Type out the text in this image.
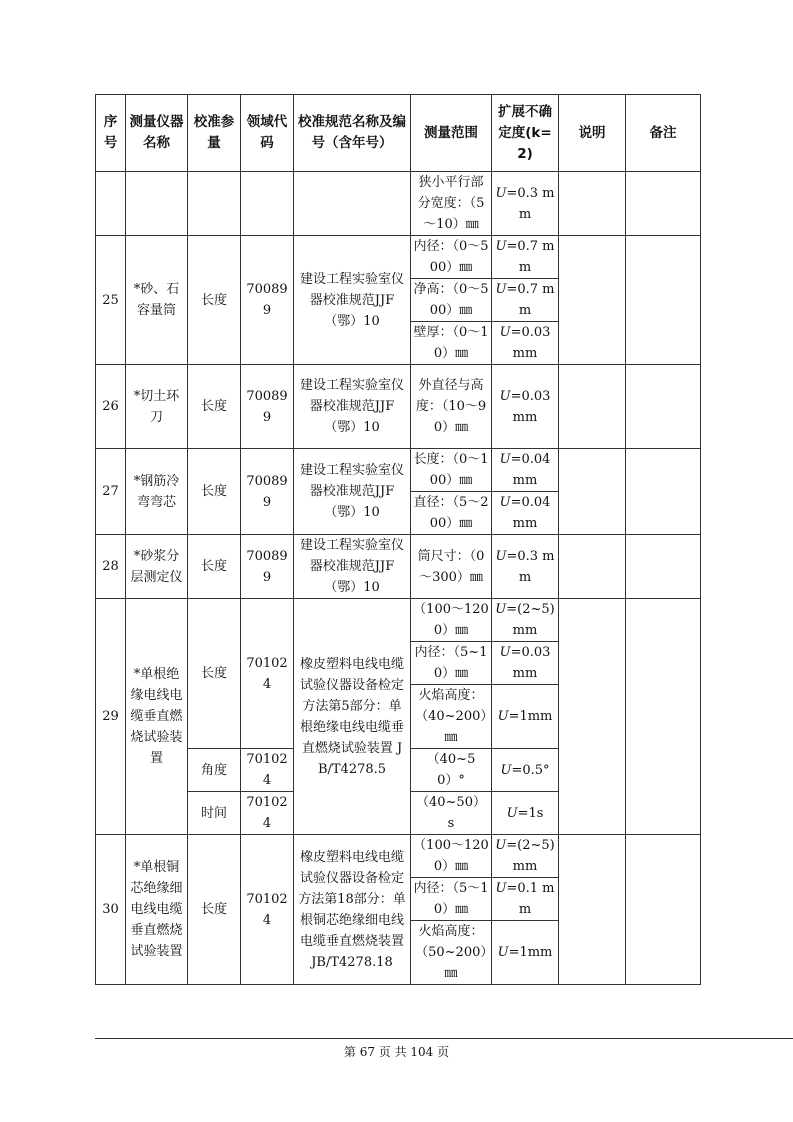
序号	测量仪器名称	校准参量	领域代码	校准规范名称及编号（含年号）	测量范围	扩展不确定度(k=2)	说明	备注
					狭小平行部分宽度：（5～10）㎜	U=0.3 mm		
25	*砂、石容量筒	长度	700899	建设工程实验室仪器校准规范JJF（鄂）10	内径：（0～500）㎜	U=0.7 mm		
					净高：（0～500）㎜	U=0.7 mm		
					壁厚：（0～10）㎜	U=0.03 mm		
26	*切土环刀	长度	700899	建设工程实验室仪器校准规范JJF（鄂）10	外直径与高度：（10～90）㎜	U=0.03 mm		
27	*钢筋冷弯弯芯	长度	700899	建设工程实验室仪器校准规范JJF（鄂）10	长度：（0～100）㎜	U=0.04 mm		
					直径：（5～200）㎜	U=0.04 mm		
28	*砂浆分层测定仪	长度	700899	建设工程实验室仪器校准规范JJF（鄂）10	筒尺寸：（0～300）㎜	U=0.3 mm		
29	*单根绝缘电线电缆垂直燃烧试验装置	长度	701024	橡皮塑料电线电缆试验仪器设备检定方法第5部分：单根绝缘电线电缆垂直燃烧试验装置 JB/T4278.5	（100～1200）㎜	U=(2~5)mm		
					内径：（5~10）㎜	U=0.03 mm		
					火焰高度：（40~200）㎜	U=1mm		
		角度	701024		（40~50）°	U=0.5°		
		时间	701024		（40~50）s	U=1s		
30	*单根铜芯绝缘细电线电缆垂直燃烧试验装置	长度	701024	橡皮塑料电线电缆试验仪器设备检定方法第18部分：单根铜芯绝缘细电线电缆垂直燃烧装置 JB/T4278.18	（100～1200）㎜	U=(2~5)mm		
					内径：（5～10）㎜	U=0.1 mm		
					火焰高度：（50~200）㎜	U=1mm		
第 67 页 共 104 页
